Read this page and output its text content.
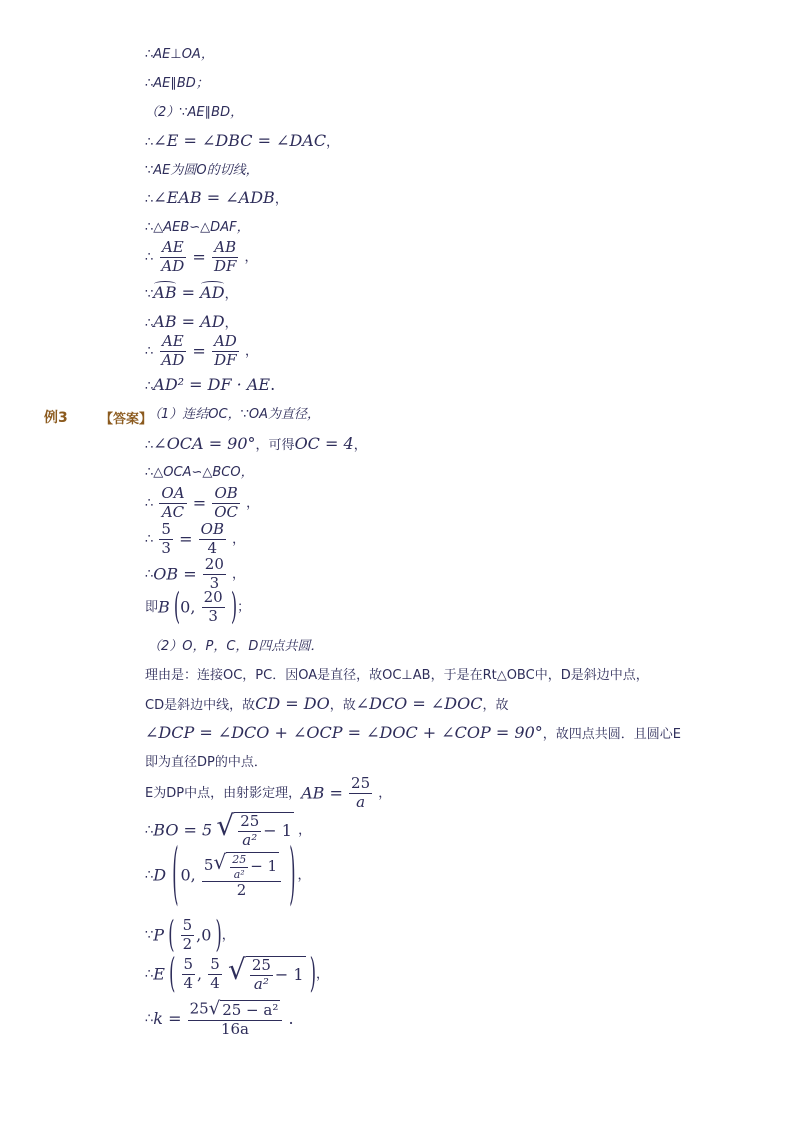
∴AE⊥OA，
∴AE∥BD；
（2）∵AE∥BD，
∴∠E = ∠DBC = ∠DAC，
∵AE为圆O的切线，
∴∠EAB = ∠ADB，
∴△AEB∽△DAF，
∴ $\frac{AE}{AD} = \frac{AB}{DF}$ ，
∵AB = AD，
∴AB = AD，
∴ $\frac{AE}{AD} = \frac{AD}{DF}$ ，
∴AD² = DF · AE.
例3 【答案】
（1）连结OC，∵OA为直径，
∴∠OCA = 90°，可得OC = 4，
∴△OCA∽△BCO，
∴ $\frac{OA}{AC} = \frac{OB}{OC}$ ，
∴ $\frac{5}{3} = \frac{OB}{4}$ ，
∴OB = $\frac{20}{3}$ ，
即B (0, $\frac{20}{3}$ )；
（2）O，P，C，D四点共圆．
理由是：连接OC，PC．因OA是直径，故OC⊥AB，于是在Rt△OBC中，D是斜边中点，
CD是斜边中线，故CD = DO，故∠DCO = ∠DOC，故
∠DCP = ∠DCO + ∠OCP = ∠DOC + ∠COP = 90°，故四点共圆．且圆心E
即为直径DP的中点．
E为DP中点，由射影定理，AB = $\frac{25}{a}$ ，
∴BO = 5 √ $\frac{25}{\text{a²}} - 1$ ，
∴D ( 0, $\frac{5 √ \frac{25}{\text{a²}} - 1}{2}$ ) ，
∵P ( $\frac{5}{2} ,0$ )，
∴E ( $\frac{5}{4}$ , $\frac{5}{4}$
√ $\frac{25}{\text{a²}} - 1$ )，
∴k = $\frac{\text{25 √ 25 − a²}}{16a}$ .
